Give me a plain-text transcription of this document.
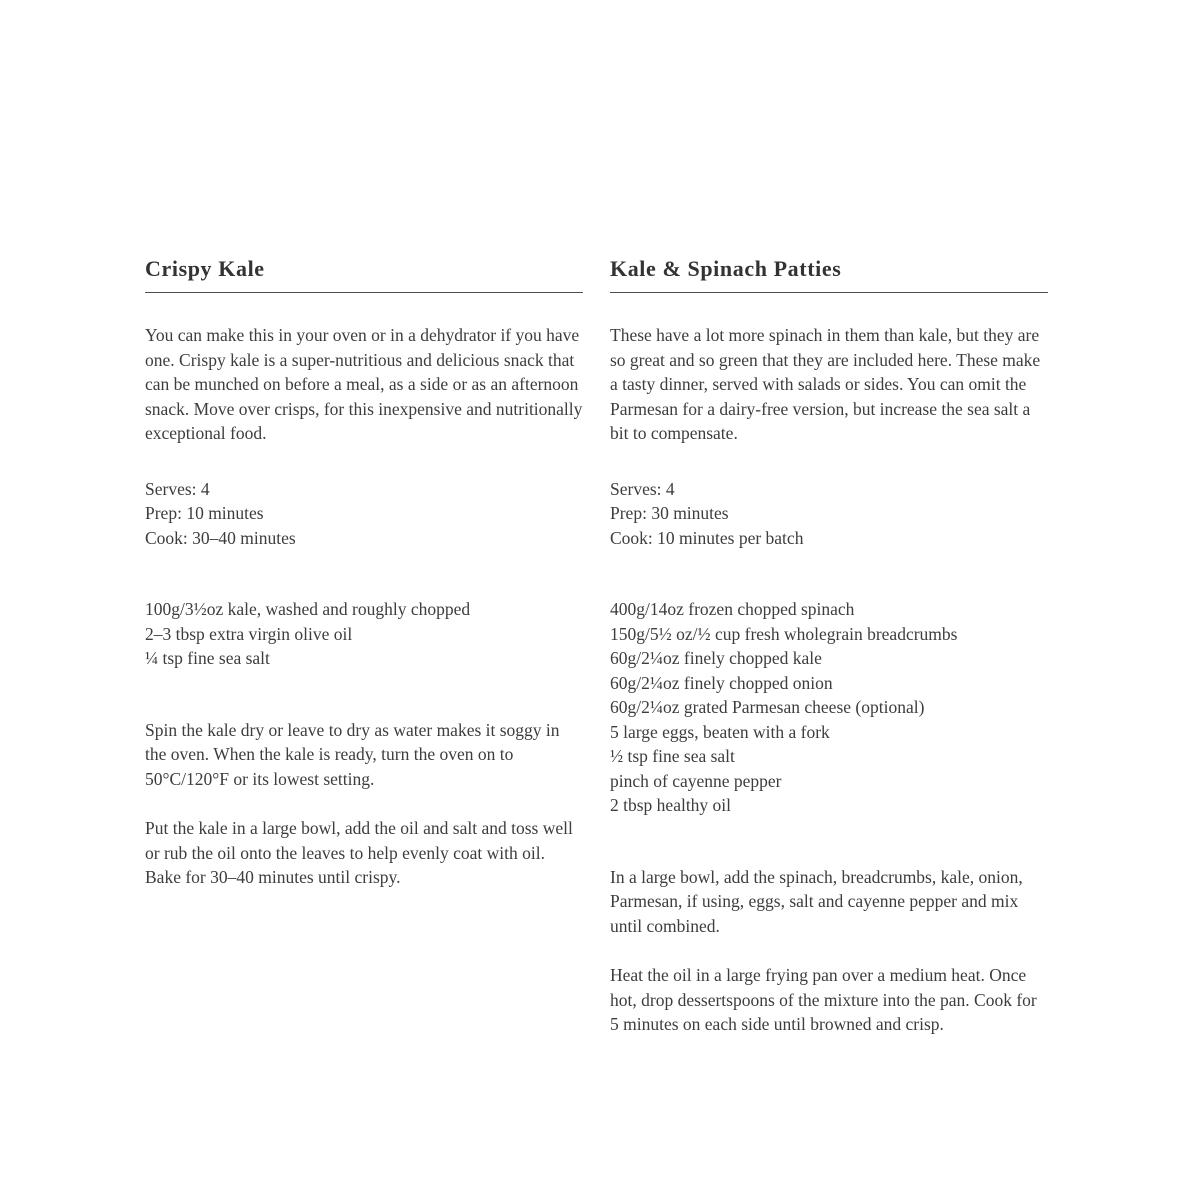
Crispy Kale

You can make this in your oven or in a dehydrator if you have one. Crispy kale is a super-nutritious and delicious snack that can be munched on before a meal, as a side or as an afternoon snack. Move over crisps, for this inexpensive and nutritionally exceptional food.

Serves: 4
Prep: 10 minutes
Cook: 30–40 minutes
100g/3½oz kale, washed and roughly chopped
2–3 tbsp extra virgin olive oil
¼ tsp fine sea salt

Spin the kale dry or leave to dry as water makes it soggy in the oven. When the kale is ready, turn the oven on to 50°C/120°F or its lowest setting.

Put the kale in a large bowl, add the oil and salt and toss well or rub the oil onto the leaves to help evenly coat with oil. Bake for 30–40 minutes until crispy.

Kale & Spinach Patties

These have a lot more spinach in them than kale, but they are so great and so green that they are included here. These make a tasty dinner, served with salads or sides. You can omit the Parmesan for a dairy-free version, but increase the sea salt a bit to compensate.

Serves: 4
Prep: 30 minutes
Cook: 10 minutes per batch
400g/14oz frozen chopped spinach
150g/5½ oz/½ cup fresh wholegrain breadcrumbs
60g/2¼oz finely chopped kale
60g/2¼oz finely chopped onion
60g/2¼oz grated Parmesan cheese (optional)
5 large eggs, beaten with a fork
½ tsp fine sea salt
pinch of cayenne pepper
2 tbsp healthy oil

In a large bowl, add the spinach, breadcrumbs, kale, onion, Parmesan, if using, eggs, salt and cayenne pepper and mix until combined.

Heat the oil in a large frying pan over a medium heat. Once hot, drop dessertspoons of the mixture into the pan. Cook for 5 minutes on each side until browned and crisp.
